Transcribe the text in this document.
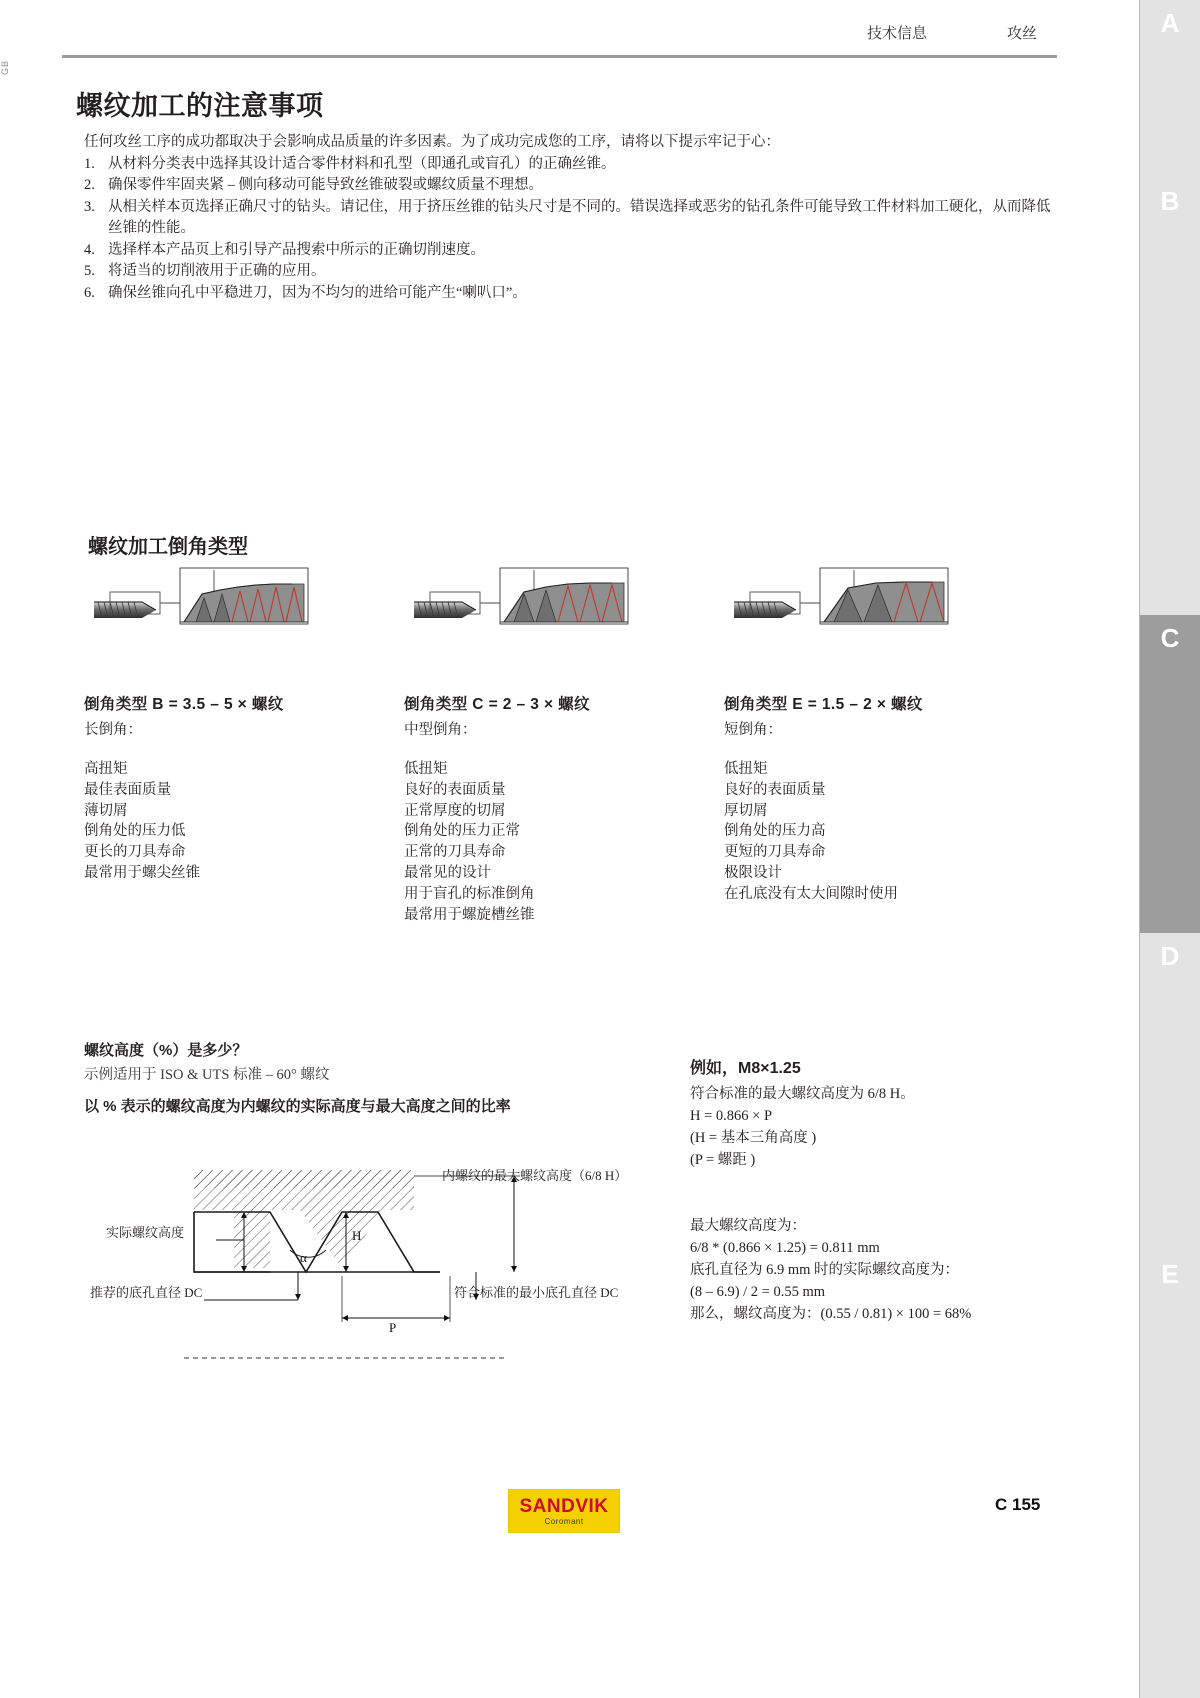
A
B
C
D
E
GB
技术信息	攻丝
螺纹加工的注意事项
任何攻丝工序的成功都取决于会影响成品质量的许多因素。为了成功完成您的工序，请将以下提示牢记于心：
1. 从材料分类表中选择其设计适合零件材料和孔型（即通孔或盲孔）的正确丝锥。
2. 确保零件牢固夹紧 – 侧向移动可能导致丝锥破裂或螺纹质量不理想。
3. 从相关样本页选择正确尺寸的钻头。请记住，用于挤压丝锥的钻头尺寸是不同的。错误选择或恶劣的钻孔条件可能导致工件材料加工硬化，从而降低丝锥的性能。
4. 选择样本产品页上和引导产品搜索中所示的正确切削速度。
5. 将适当的切削液用于正确的应用。
6. 确保丝锥向孔中平稳进刀，因为不均匀的进给可能产生“喇叭口”。
螺纹加工倒角类型

倒角类型 B = 3.5 – 5 × 螺纹

长倒角：

高扭矩
最佳表面质量
薄切屑
倒角处的压力低
更长的刀具寿命
最常用于螺尖丝锥

倒角类型 C = 2 – 3 × 螺纹

中型倒角：

低扭矩
良好的表面质量
正常厚度的切屑
倒角处的压力正常
正常的刀具寿命
最常见的设计
用于盲孔的标准倒角
最常用于螺旋槽丝锥

倒角类型 E = 1.5 – 2 × 螺纹

短倒角：

低扭矩
良好的表面质量
厚切屑
倒角处的压力高
更短的刀具寿命
极限设计
在孔底没有太大间隙时使用
螺纹高度（%）是多少？
示例适用于 ISO & UTS 标准 – 60° 螺纹
以 % 表示的螺纹高度为内螺纹的实际高度与最大高度之间的比率
α
H
P
实际螺纹高度
推荐的底孔直径 DC
内螺纹的最大螺纹高度（6/8 H）
符合标准的最小底孔直径 DC
例如，M8×1.25
符合标准的最大螺纹高度为 6/8 H。
H = 0.866 × P
(H = 基本三角高度 )
(P = 螺距 )
最大螺纹高度为：
6/8 * (0.866 × 1.25) = 0.811 mm
底孔直径为 6.9 mm 时的实际螺纹高度为：
(8 – 6.9) / 2 = 0.55 mm
那么，螺纹高度为：(0.55 / 0.81) × 100 = 68%
SANDVIK
Coromant
C 155
